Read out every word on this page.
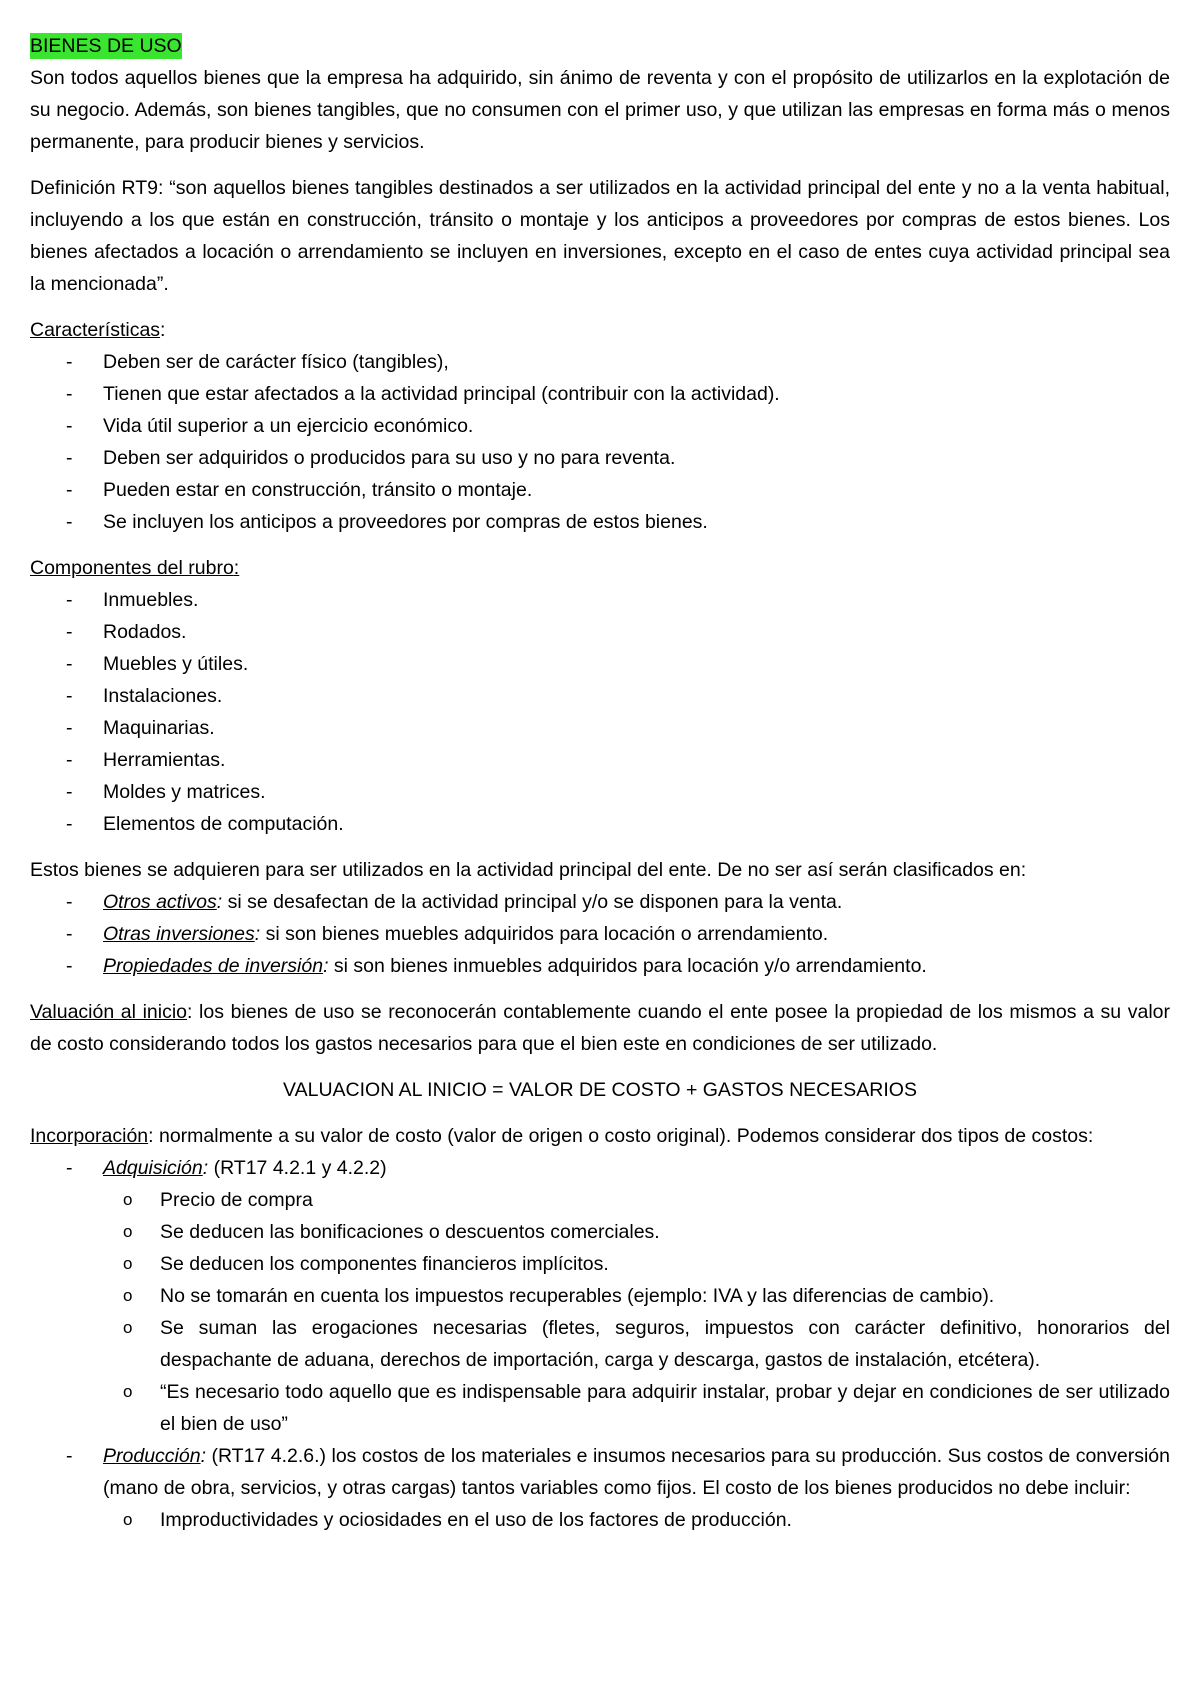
BIENES DE USO

Son todos aquellos bienes que la empresa ha adquirido, sin ánimo de reventa y con el propósito de utilizarlos en la explotación de su negocio. Además, son bienes tangibles, que no consumen con el primer uso, y que utilizan las empresas en forma más o menos permanente, para producir bienes y servicios.

Definición RT9: “son aquellos bienes tangibles destinados a ser utilizados en la actividad principal del ente y no a la venta habitual, incluyendo a los que están en construcción, tránsito o montaje y los anticipos a proveedores por compras de estos bienes. Los bienes afectados a locación o arrendamiento se incluyen en inversiones, excepto en el caso de entes cuya actividad principal sea la mencionada”.

Características:

- Deben ser de carácter físico (tangibles),
- Tienen que estar afectados a la actividad principal (contribuir con la actividad).
- Vida útil superior a un ejercicio económico.
- Deben ser adquiridos o producidos para su uso y no para reventa.
- Pueden estar en construcción, tránsito o montaje.
- Se incluyen los anticipos a proveedores por compras de estos bienes.

Componentes del rubro:

- Inmuebles.
- Rodados.
- Muebles y útiles.
- Instalaciones.
- Maquinarias.
- Herramientas.
- Moldes y matrices.
- Elementos de computación.

Estos bienes se adquieren para ser utilizados en la actividad principal del ente. De no ser así serán clasificados en:

- Otros activos: si se desafectan de la actividad principal y/o se disponen para la venta.
- Otras inversiones: si son bienes muebles adquiridos para locación o arrendamiento.
- Propiedades de inversión: si son bienes inmuebles adquiridos para locación y/o arrendamiento.

Valuación al inicio: los bienes de uso se reconocerán contablemente cuando el ente posee la propiedad de los mismos a su valor de costo considerando todos los gastos necesarios para que el bien este en condiciones de ser utilizado.

VALUACION AL INICIO = VALOR DE COSTO + GASTOS NECESARIOS

Incorporación: normalmente a su valor de costo (valor de origen o costo original). Podemos considerar dos tipos de costos:

- Adquisición: (RT17 4.2.1 y 4.2.2)
o Precio de compra
o Se deducen las bonificaciones o descuentos comerciales.
o Se deducen los componentes financieros implícitos.
o No se tomarán en cuenta los impuestos recuperables (ejemplo: IVA y las diferencias de cambio).
o Se suman las erogaciones necesarias (fletes, seguros, impuestos con carácter definitivo, honorarios del despachante de aduana, derechos de importación, carga y descarga, gastos de instalación, etcétera).
o “Es necesario todo aquello que es indispensable para adquirir instalar, probar y dejar en condiciones de ser utilizado el bien de uso”
- Producción: (RT17 4.2.6.) los costos de los materiales e insumos necesarios para su producción. Sus costos de conversión (mano de obra, servicios, y otras cargas) tantos variables como fijos. El costo de los bienes producidos no debe incluir:
o Improductividades y ociosidades en el uso de los factores de producción.
